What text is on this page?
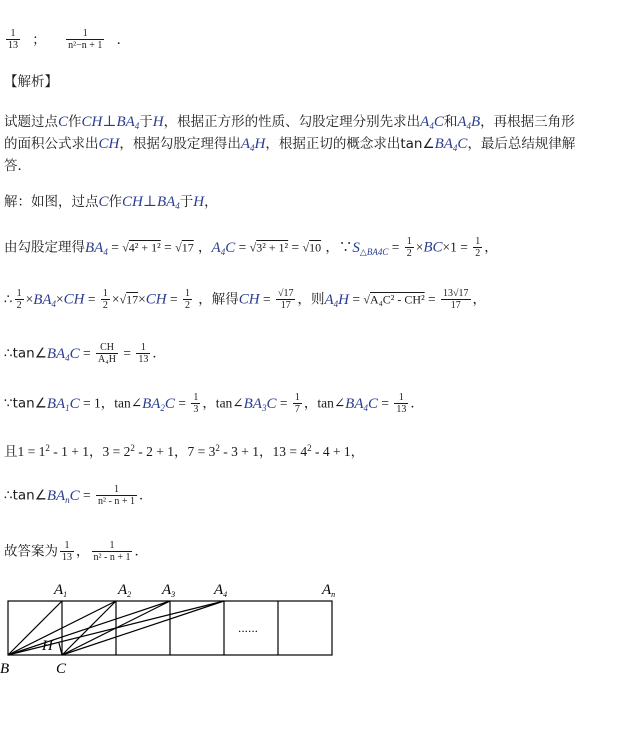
$\frac{1}{13}$ ； $\frac{1}{\text{n²−n + 1}}$ ．
【解析】
试题过点C作$CH\perp BA_4$于H，根据正方形的性质、勾股定理分别先求出$A_4C$和$A_4B$，再根据三角形
的面积公式求出CH，根据勾股定理得出$A_4H$，根据正切的概念求出$\tan\angle BA_4C$，最后总结规律解
答．
解：如图，过点C作$CH\perp BA_4$于H，
由勾股定理得$BA_4 = √4^2 + 1^2 = √17$ ，$A_4C = √3^2 + 1^2 = √10$ ，$\because S_{\triangle BA4C} = \frac{1}{2} \times BC\times 1 = \frac{1}{2}$ ，
∴ $\frac{1}{2} \times BA_4\times CH = \frac{1}{2} \times√17\times CH = \frac{1}{2}$ ，解得CH = $\frac{√17}{17}$ ，则$A_4H = √A_4C^2 - CH^2 = \frac{13√17}{17}$ ，
$\therefore\tan\angle BA_4C = \frac{CH}{\text{A₄H}} = \frac{1}{13}$ ．
$\because\tan\angle BA_1C = 1$，$\tan\angle BA_2C = \frac{1}{3}$ ，$\tan\angle BA_3C = \frac{1}{7}$ ，$\tan\angle BA_4C = \frac{1}{13}$ ．
且$1 = 1^2 - 1 + 1$，$3 = 2^2 - 2 + 1$，$7 = 3^2 - 3 + 1$，$13 = 4^2 - 4 + 1$，
$\therefore\tan\angle BA_nC = \frac{1}{\text{n² - n + 1}}$ ．
故答案为 $\frac{1}{13}$ ， $\frac{1}{\text{n² - n + 1}}$ ．
$A_1$	$A_2$ $A_3$	$A_4$	$A_n$
B	C
H
......
